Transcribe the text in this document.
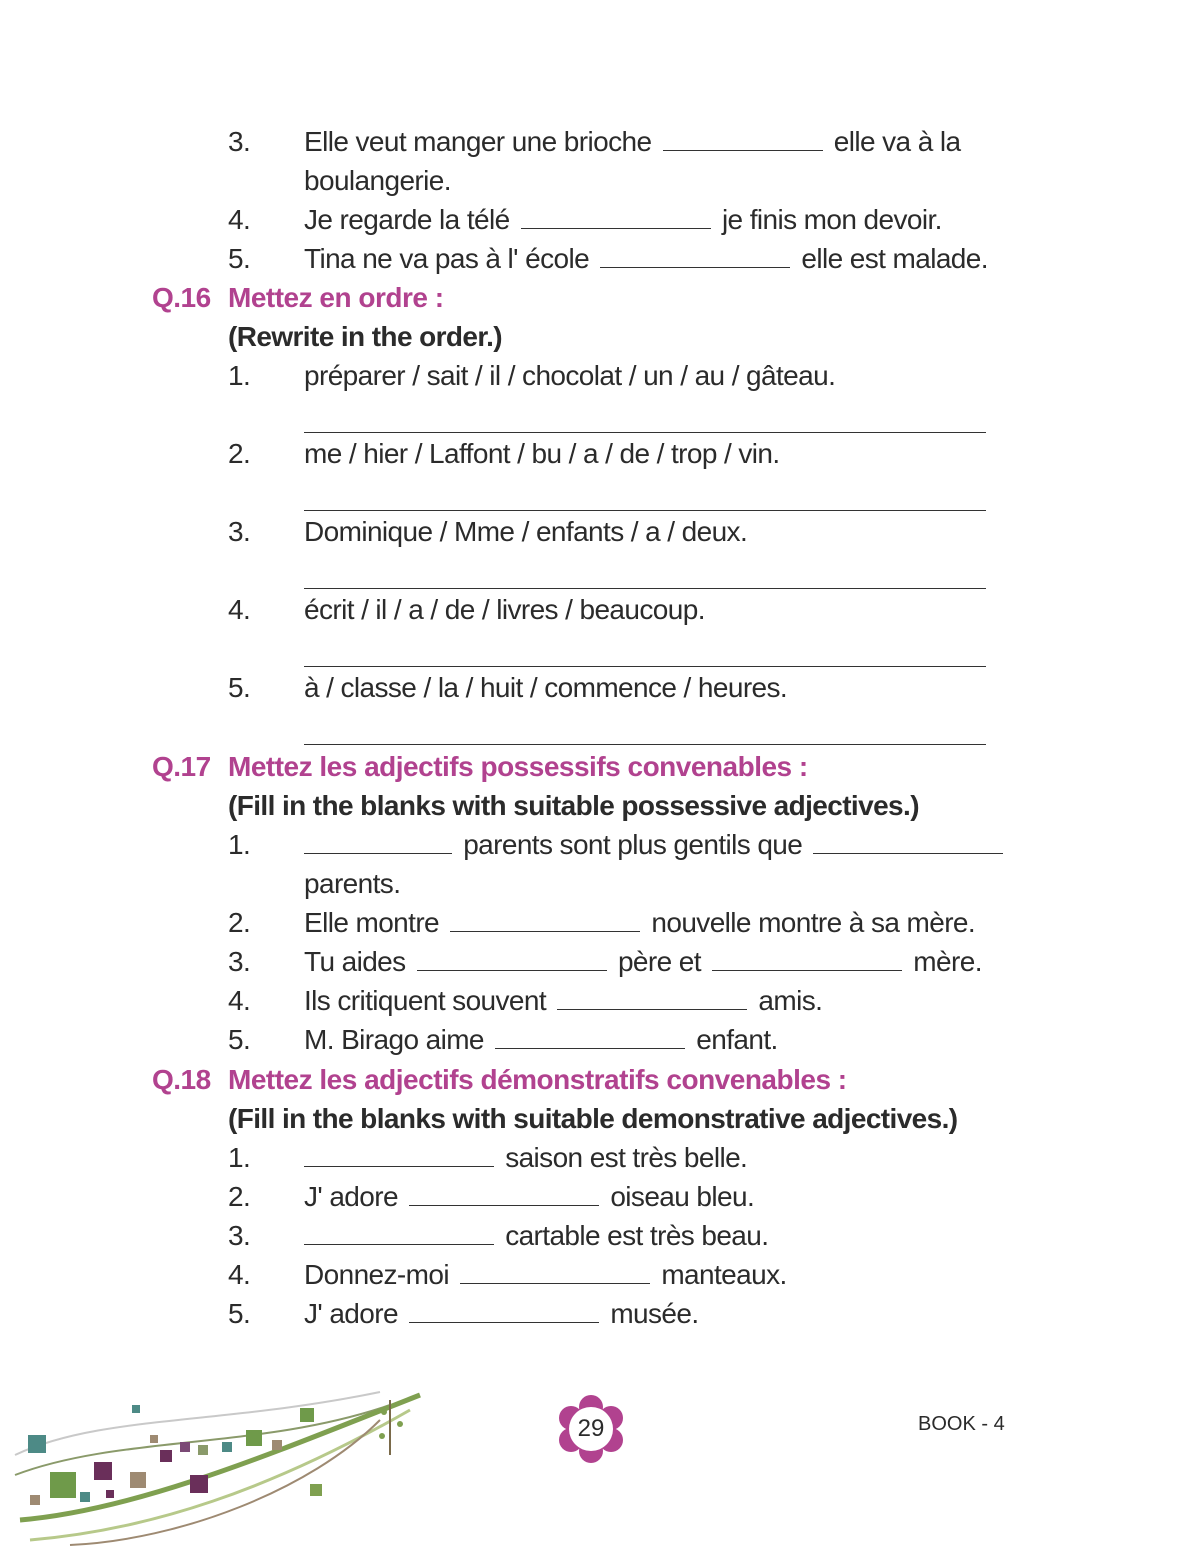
3. Elle veut manger une brioche	elle va à la
boulangerie.
4. Je regarde la télé	je finis mon devoir.
5. Tina ne va pas à l' école	elle est malade.
Q.16 Mettez en ordre :
(Rewrite in the order.)
1. préparer / sait / il / chocolat / un / au / gâteau.
2. me / hier / Laffont / bu / a / de / trop / vin.
3. Dominique / Mme / enfants / a / deux.
4. écrit / il / a / de / livres / beaucoup.
5. à / classe / la / huit / commence / heures.
Q.17 Mettez les adjectifs possessifs convenables :
(Fill in the blanks with suitable possessive adjectives.)
1.	parents sont plus gentils que
parents.
2. Elle montre	nouvelle montre à sa mère.
3. Tu aides	père et	mère.
4. Ils critiquent souvent	amis.
5. M. Birago aime	enfant.
Q.18 Mettez les adjectifs démonstratifs convenables :
(Fill in the blanks with suitable demonstrative adjectives.)
1.	saison est très belle.
2. J' adore	oiseau bleu.
3.	cartable est très beau.
4. Donnez-moi	manteaux.
5. J' adore	musée.
29	BOOK - 4
